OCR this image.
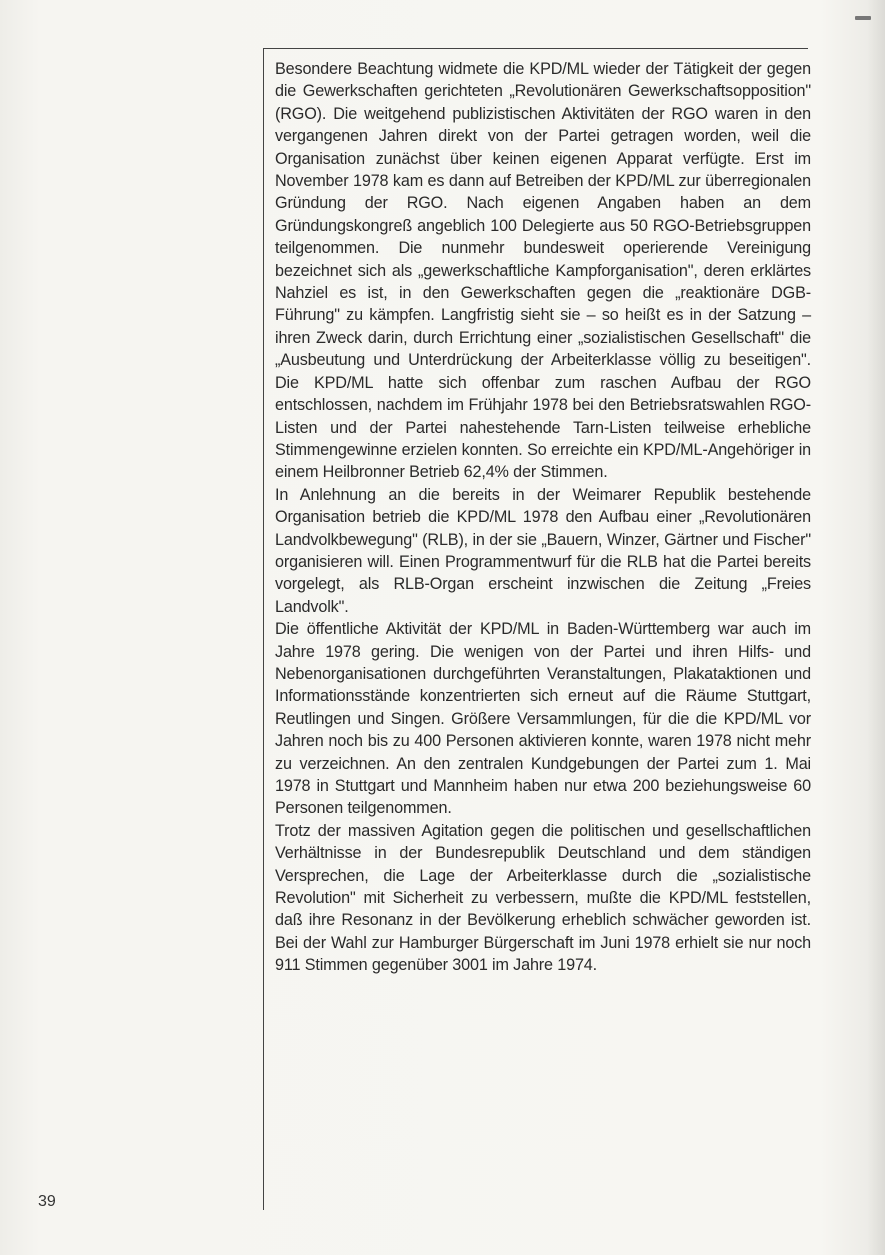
Besondere Beachtung widmete die KPD/ML wieder der Tätigkeit der gegen die Gewerkschaften gerichteten „Revolutionären Gewerkschaftsopposition" (RGO). Die weitgehend publizistischen Aktivitäten der RGO waren in den vergangenen Jahren direkt von der Partei getragen worden, weil die Organisation zunächst über keinen eigenen Apparat verfügte. Erst im November 1978 kam es dann auf Betreiben der KPD/ML zur überregionalen Gründung der RGO. Nach eigenen Angaben haben an dem Gründungskongreß angeblich 100 Delegierte aus 50 RGO-Betriebsgruppen teilgenommen. Die nunmehr bundesweit operierende Vereinigung bezeichnet sich als „gewerkschaftliche Kampforganisation", deren erklärtes Nahziel es ist, in den Gewerkschaften gegen die „reaktionäre DGB-Führung" zu kämpfen. Langfristig sieht sie – so heißt es in der Satzung – ihren Zweck darin, durch Errichtung einer „sozialistischen Gesellschaft" die „Ausbeutung und Unterdrückung der Arbeiterklasse völlig zu beseitigen". Die KPD/ML hatte sich offenbar zum raschen Aufbau der RGO entschlossen, nachdem im Frühjahr 1978 bei den Betriebsratswahlen RGO-Listen und der Partei nahestehende Tarn-Listen teilweise erhebliche Stimmengewinne erzielen konnten. So erreichte ein KPD/ML-Angehöriger in einem Heilbronner Betrieb 62,4% der Stimmen.

In Anlehnung an die bereits in der Weimarer Republik bestehende Organisation betrieb die KPD/ML 1978 den Aufbau einer „Revolutionären Landvolkbewegung" (RLB), in der sie „Bauern, Winzer, Gärtner und Fischer" organisieren will. Einen Programmentwurf für die RLB hat die Partei bereits vorgelegt, als RLB-Organ erscheint inzwischen die Zeitung „Freies Landvolk".

Die öffentliche Aktivität der KPD/ML in Baden-Württemberg war auch im Jahre 1978 gering. Die wenigen von der Partei und ihren Hilfs- und Nebenorganisationen durchgeführten Veranstaltungen, Plakataktionen und Informationsstände konzentrierten sich erneut auf die Räume Stuttgart, Reutlingen und Singen. Größere Versammlungen, für die die KPD/ML vor Jahren noch bis zu 400 Personen aktivieren konnte, waren 1978 nicht mehr zu verzeichnen. An den zentralen Kundgebungen der Partei zum 1. Mai 1978 in Stuttgart und Mannheim haben nur etwa 200 beziehungsweise 60 Personen teilgenommen.

Trotz der massiven Agitation gegen die politischen und gesellschaftlichen Verhältnisse in der Bundesrepublik Deutschland und dem ständigen Versprechen, die Lage der Arbeiterklasse durch die „sozialistische Revolution" mit Sicherheit zu verbessern, mußte die KPD/ML feststellen, daß ihre Resonanz in der Bevölkerung erheblich schwächer geworden ist. Bei der Wahl zur Hamburger Bürgerschaft im Juni 1978 erhielt sie nur noch 911 Stimmen gegenüber 3001 im Jahre 1974.

39
